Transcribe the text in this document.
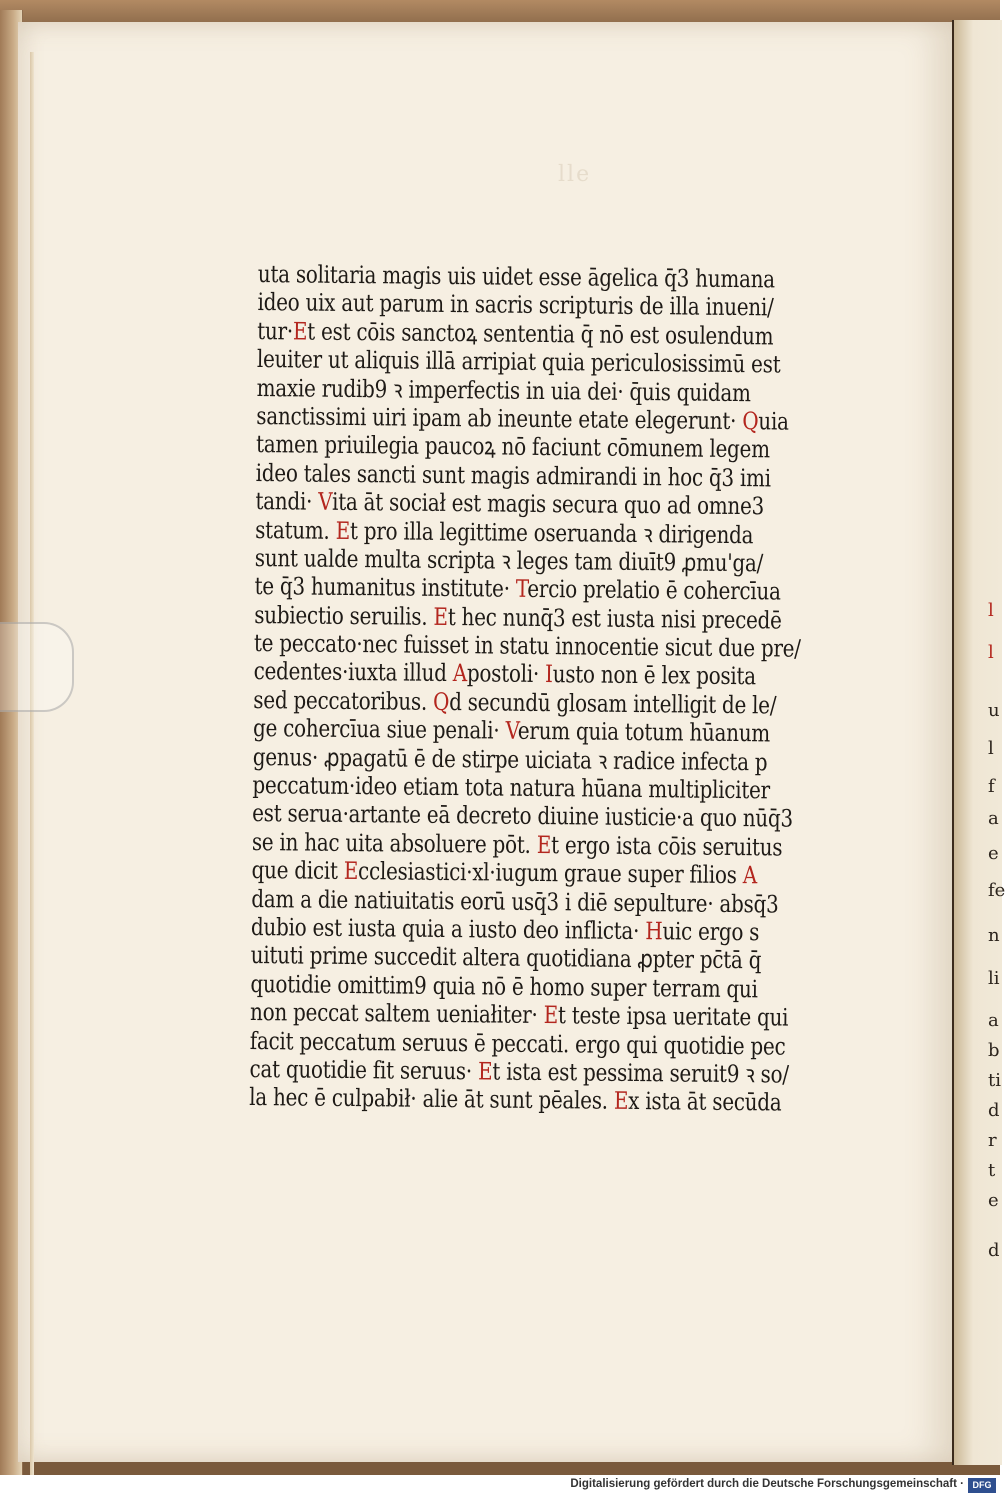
lle
uta solitaria magis uis uidet esse āgelica q̄3 humana
ideo uix aut parum in sacris scripturis de illa inueni/
tur·Et est cōis sanctoꝝ sententia q̄ nō est osulendum
leuiter ut aliquis illā arripiat quia periculosissimū est
maxie rudib9 ꝛ imperfectis in uia dei· q̄uis quidam
sanctissimi uiri ipam ab ineunte etate elegerunt· Quia
tamen priuilegia paucoꝝ nō faciunt cōmunem legem
ideo tales sancti sunt magis admirandi in hoc q̄3 imi
tandi· Vita āt sociał est magis secura quo ad omne3
statum. Et pro illa legittime oseruanda ꝛ dirigenda
sunt ualde multa scripta ꝛ leges tam diuīt9 ꝓmu'ga/
te q̄3 humanitus institute· Tercio prelatio ē cohercīua
subiectio seruilis. Et hec nunq̄3 est iusta nisi precedē
te peccato·nec fuisset in statu innocentie sicut due pre/
cedentes·iuxta illud Apostoli· Iusto non ē lex posita
sed peccatoribus. Qd secundū glosam intelligit de le/
ge cohercīua siue penali· Verum quia totum hūanum
genus· ꝓpagatū ē de stirpe uiciata ꝛ radice infecta p
peccatum·ideo etiam tota natura hūana multipliciter
est serua·artante eā decreto diuine iusticie·a quo nūq̄3
se in hac uita absoluere pōt. Et ergo ista cōis seruitus
que dicit Ecclesiastici·xl·iugum graue super filios A
dam a die natiuitatis eorū usq̄3 i diē sepulture· absq̄3
dubio est iusta quia a iusto deo inflicta· Huic ergo s
uituti prime succedit altera quotidiana ꝓpter pc̄tā q̄
quotidie omittim9 quia nō ē homo super terram qui
non peccat saltem ueniałiter· Et teste ipsa ueritate qui
facit peccatum seruus ē peccati. ergo qui quotidie pec
cat quotidie fit seruus· Et ista est pessima seruit9 ꝛ so/
la hec ē culpabił· alie āt sunt pēales. Ex ista āt secūda
l
l
u
l
f
a
e
fe
n
li
a
b
ti
d
r
t
e
d
Digitalisierung gefördert durch die Deutsche Forschungsgemeinschaft · DFG
